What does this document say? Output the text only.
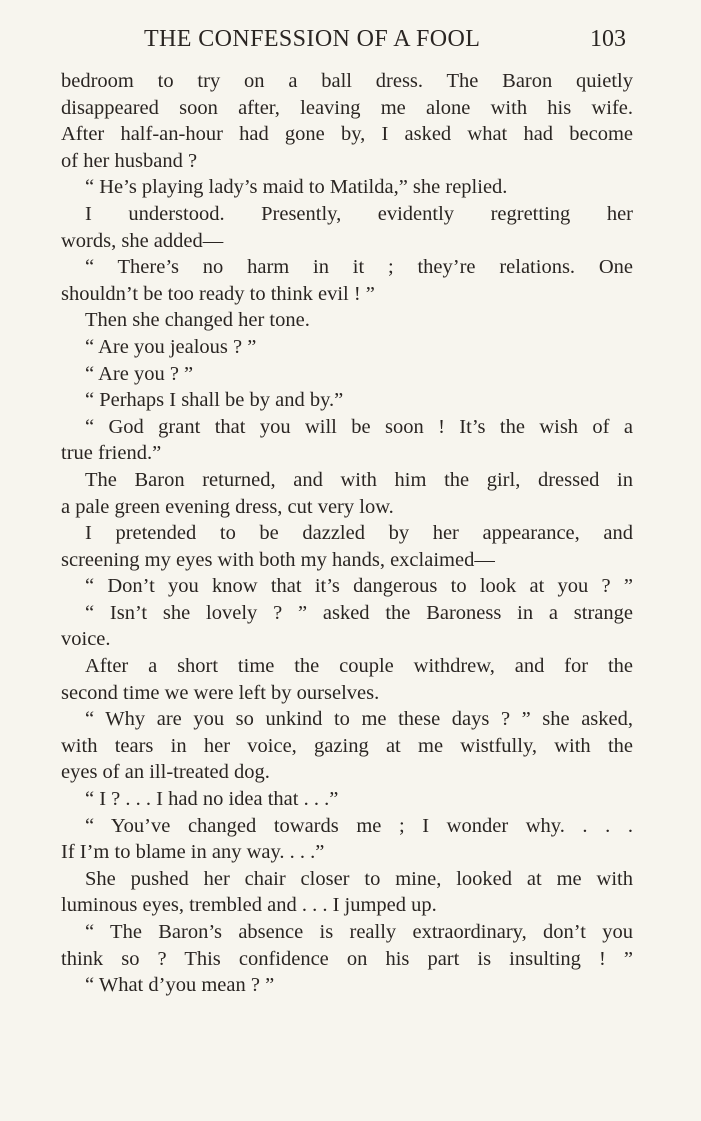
THE CONFESSION OF A FOOL	103
bedroom to try on a ball dress. The Baron quietly
disappeared soon after, leaving me alone with his wife.
After half-an-hour had gone by, I asked what had become
of her husband ?
“ He’s playing lady’s maid to Matilda,” she replied.
I understood. Presently, evidently regretting her
words, she added—
“ There’s no harm in it ; they’re relations. One
shouldn’t be too ready to think evil ! ”
Then she changed her tone.
“ Are you jealous ? ”
“ Are you ? ”
“ Perhaps I shall be by and by.”
“ God grant that you will be soon ! It’s the wish of a
true friend.”
The Baron returned, and with him the girl, dressed in
a pale green evening dress, cut very low.
I pretended to be dazzled by her appearance, and
screening my eyes with both my hands, exclaimed—
“ Don’t you know that it’s dangerous to look at you ? ”
“ Isn’t she lovely ? ” asked the Baroness in a strange
voice.
After a short time the couple withdrew, and for the
second time we were left by ourselves.
“ Why are you so unkind to me these days ? ” she asked,
with tears in her voice, gazing at me wistfully, with the
eyes of an ill-treated dog.
“ I ? . . . I had no idea that . . .”
“ You’ve changed towards me ; I wonder why. . . .
If I’m to blame in any way. . . .”
She pushed her chair closer to mine, looked at me with
luminous eyes, trembled and . . . I jumped up.
“ The Baron’s absence is really extraordinary, don’t you
think so ? This confidence on his part is insulting ! ”
“ What d’you mean ? ”
